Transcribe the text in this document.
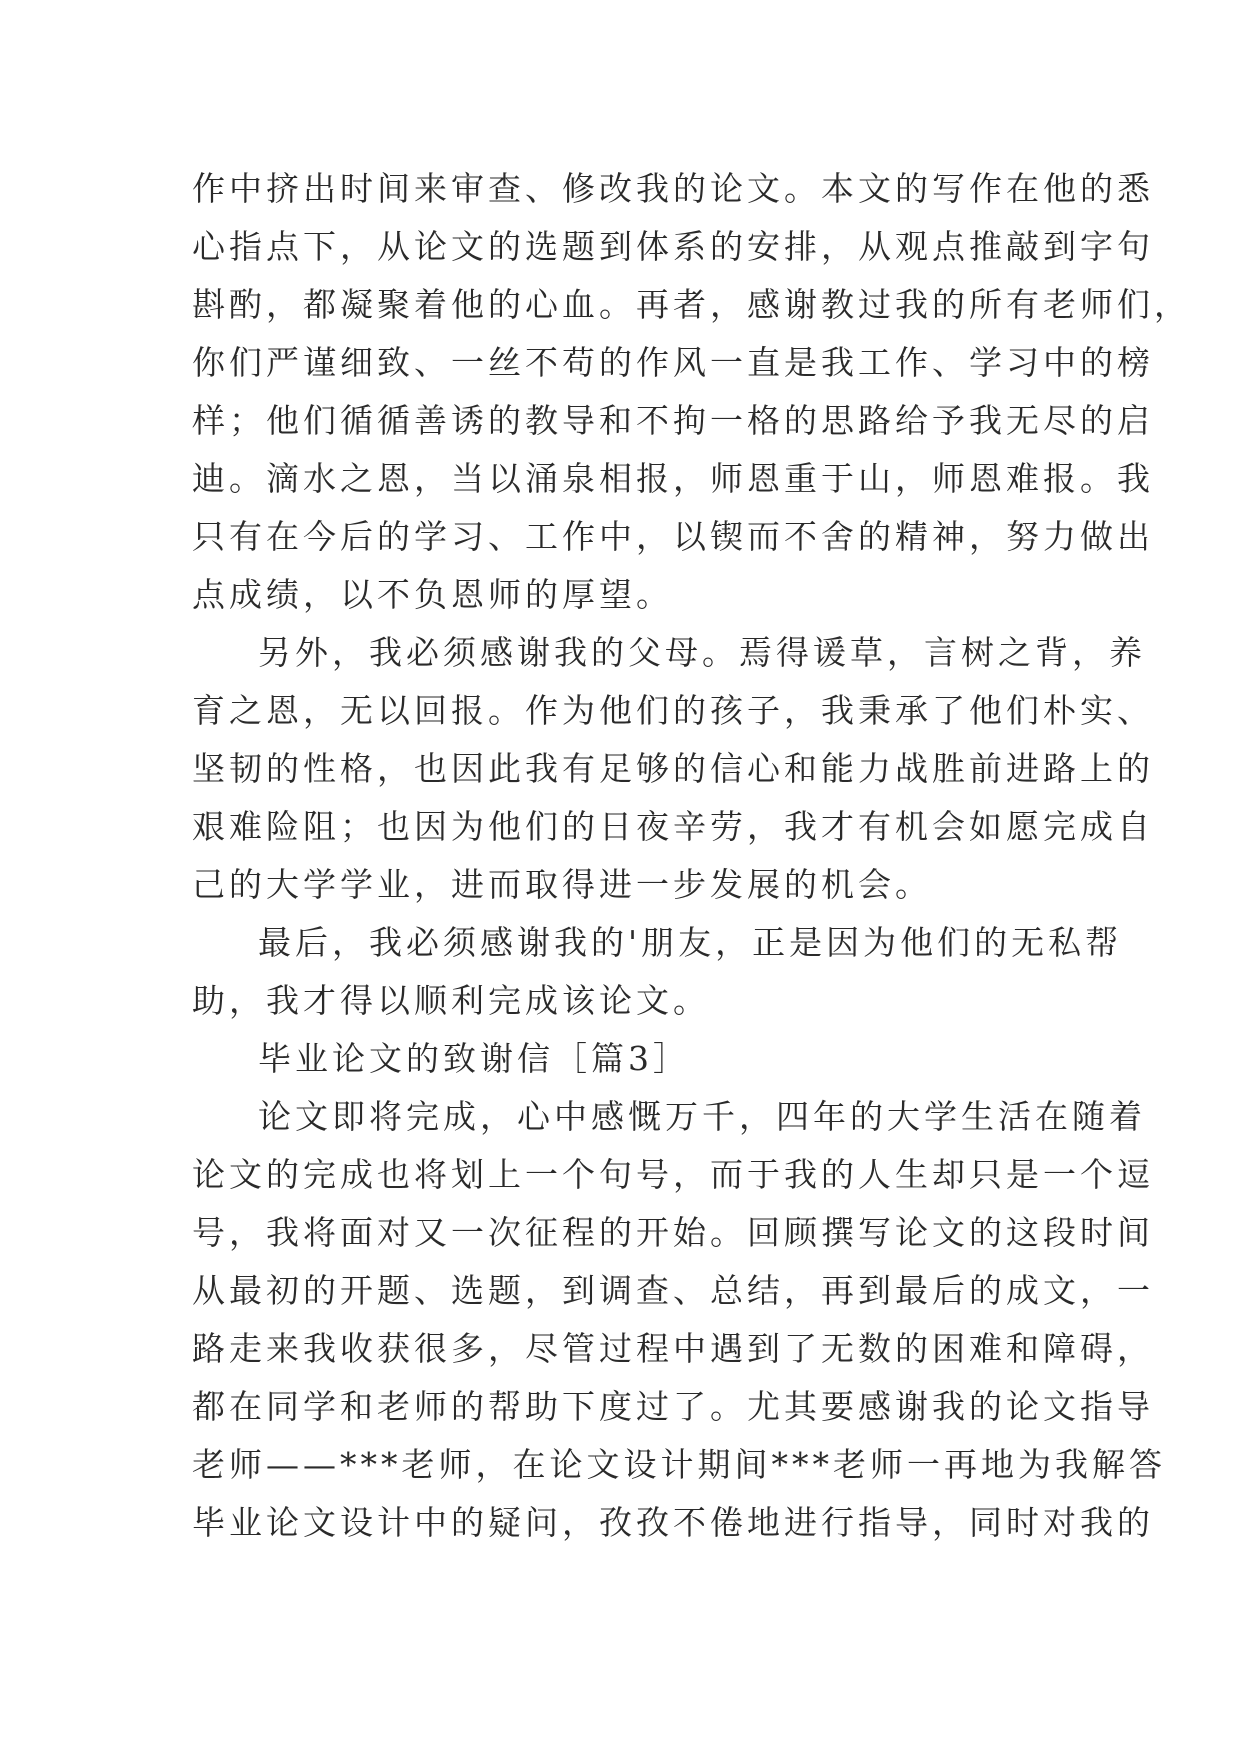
作中挤出时间来审查、修改我的论文。本文的写作在他的悉
心指点下，从论文的选题到体系的安排，从观点推敲到字句
斟酌，都凝聚着他的心血。再者，感谢教过我的所有老师们，
你们严谨细致、一丝不苟的作风一直是我工作、学习中的榜
样；他们循循善诱的教导和不拘一格的思路给予我无尽的启
迪。滴水之恩，当以涌泉相报，师恩重于山，师恩难报。我
只有在今后的学习、工作中，以锲而不舍的精神，努力做出
点成绩，以不负恩师的厚望。
另外，我必须感谢我的父母。焉得谖草，言树之背，养
育之恩，无以回报。作为他们的孩子，我秉承了他们朴实、
坚韧的性格，也因此我有足够的信心和能力战胜前进路上的
艰难险阻；也因为他们的日夜辛劳，我才有机会如愿完成自
己的大学学业，进而取得进一步发展的机会。
最后，我必须感谢我的'朋友，正是因为他们的无私帮
助，我才得以顺利完成该论文。
毕业论文的致谢信［篇3］
论文即将完成，心中感慨万千，四年的大学生活在随着
论文的完成也将划上一个句号，而于我的人生却只是一个逗
号，我将面对又一次征程的开始。回顾撰写论文的这段时间
从最初的开题、选题，到调查、总结，再到最后的成文，一
路走来我收获很多，尽管过程中遇到了无数的困难和障碍，
都在同学和老师的帮助下度过了。尤其要感谢我的论文指导
老师——***老师，在论文设计期间***老师一再地为我解答
毕业论文设计中的疑问，孜孜不倦地进行指导，同时对我的
